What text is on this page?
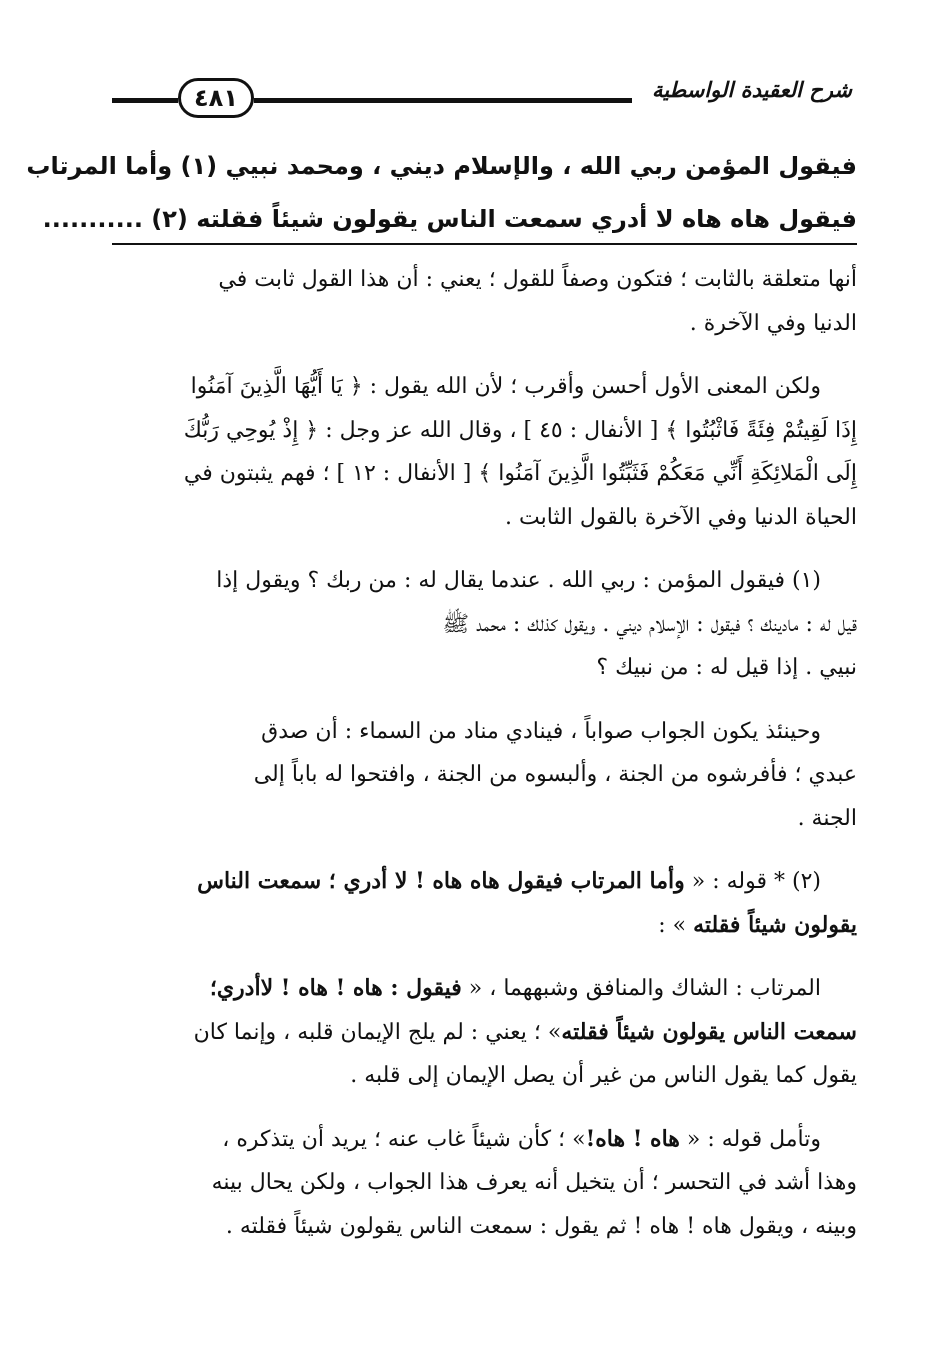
٤٨١	شرح العقيدة الواسطية

فيقول المؤمن ربي الله ، والإسلام ديني ، ومحمد نبيي (١) وأما المرتاب

فيقول هاه هاه لا أدري سمعت الناس يقولون شيئاً فقلته (٢) ...........

أنها متعلقة بالثابت ؛ فتكون وصفاً للقول ؛ يعني : أن هذا القول ثابت في
الدنيا وفي الآخرة .
ولكن المعنى الأول أحسن وأقرب ؛ لأن الله يقول : ﴿ يَا أَيُّهَا الَّذِينَ آمَنُوا
إِذَا لَقِيتُمْ فِئَةً فَاثْبُتُوا ﴾ [ الأنفال : ٤٥ ] ، وقال الله عز وجل : ﴿ إِذْ يُوحِي رَبُّكَ
إِلَى الْمَلائِكَةِ أَنِّي مَعَكُمْ فَثَبِّتُوا الَّذِينَ آمَنُوا ﴾ [ الأنفال : ١٢ ] ؛ فهم يثبتون في
الحياة الدنيا وفي الآخرة بالقول الثابت .
(١) فيقول المؤمن : ربي الله . عندما يقال له : من ربك ؟ ويقول إذا
قيل له : مادينك ؟ فيقول : الإسلام ديني . ويقول كذلك : محمد ﷺ
نبيي . إذا قيل له : من نبيك ؟
وحينئذ يكون الجواب صواباً ، فينادي مناد من السماء : أن صدق
عبدي ؛ فأفرشوه من الجنة ، وألبسوه من الجنة ، وافتحوا له باباً إلى
الجنة .
(٢) * قوله : « وأما المرتاب فيقول هاه هاه ! لا أدري ؛ سمعت الناس
يقولون شيئاً فقلته » :
المرتاب : الشاك والمنافق وشبههما ، « فيقول : هاه ! هاه ! لاأدري؛
سمعت الناس يقولون شيئاً فقلته» ؛ يعني : لم يلج الإيمان قلبه ، وإنما كان
يقول كما يقول الناس من غير أن يصل الإيمان إلى قلبه .
وتأمل قوله : « هاه ! هاه!» ؛ كأن شيئاً غاب عنه ؛ يريد أن يتذكره ،
وهذا أشد في التحسر ؛ أن يتخيل أنه يعرف هذا الجواب ، ولكن يحال بينه
وبينه ، ويقول هاه ! هاه ! ثم يقول : سمعت الناس يقولون شيئاً فقلته .
